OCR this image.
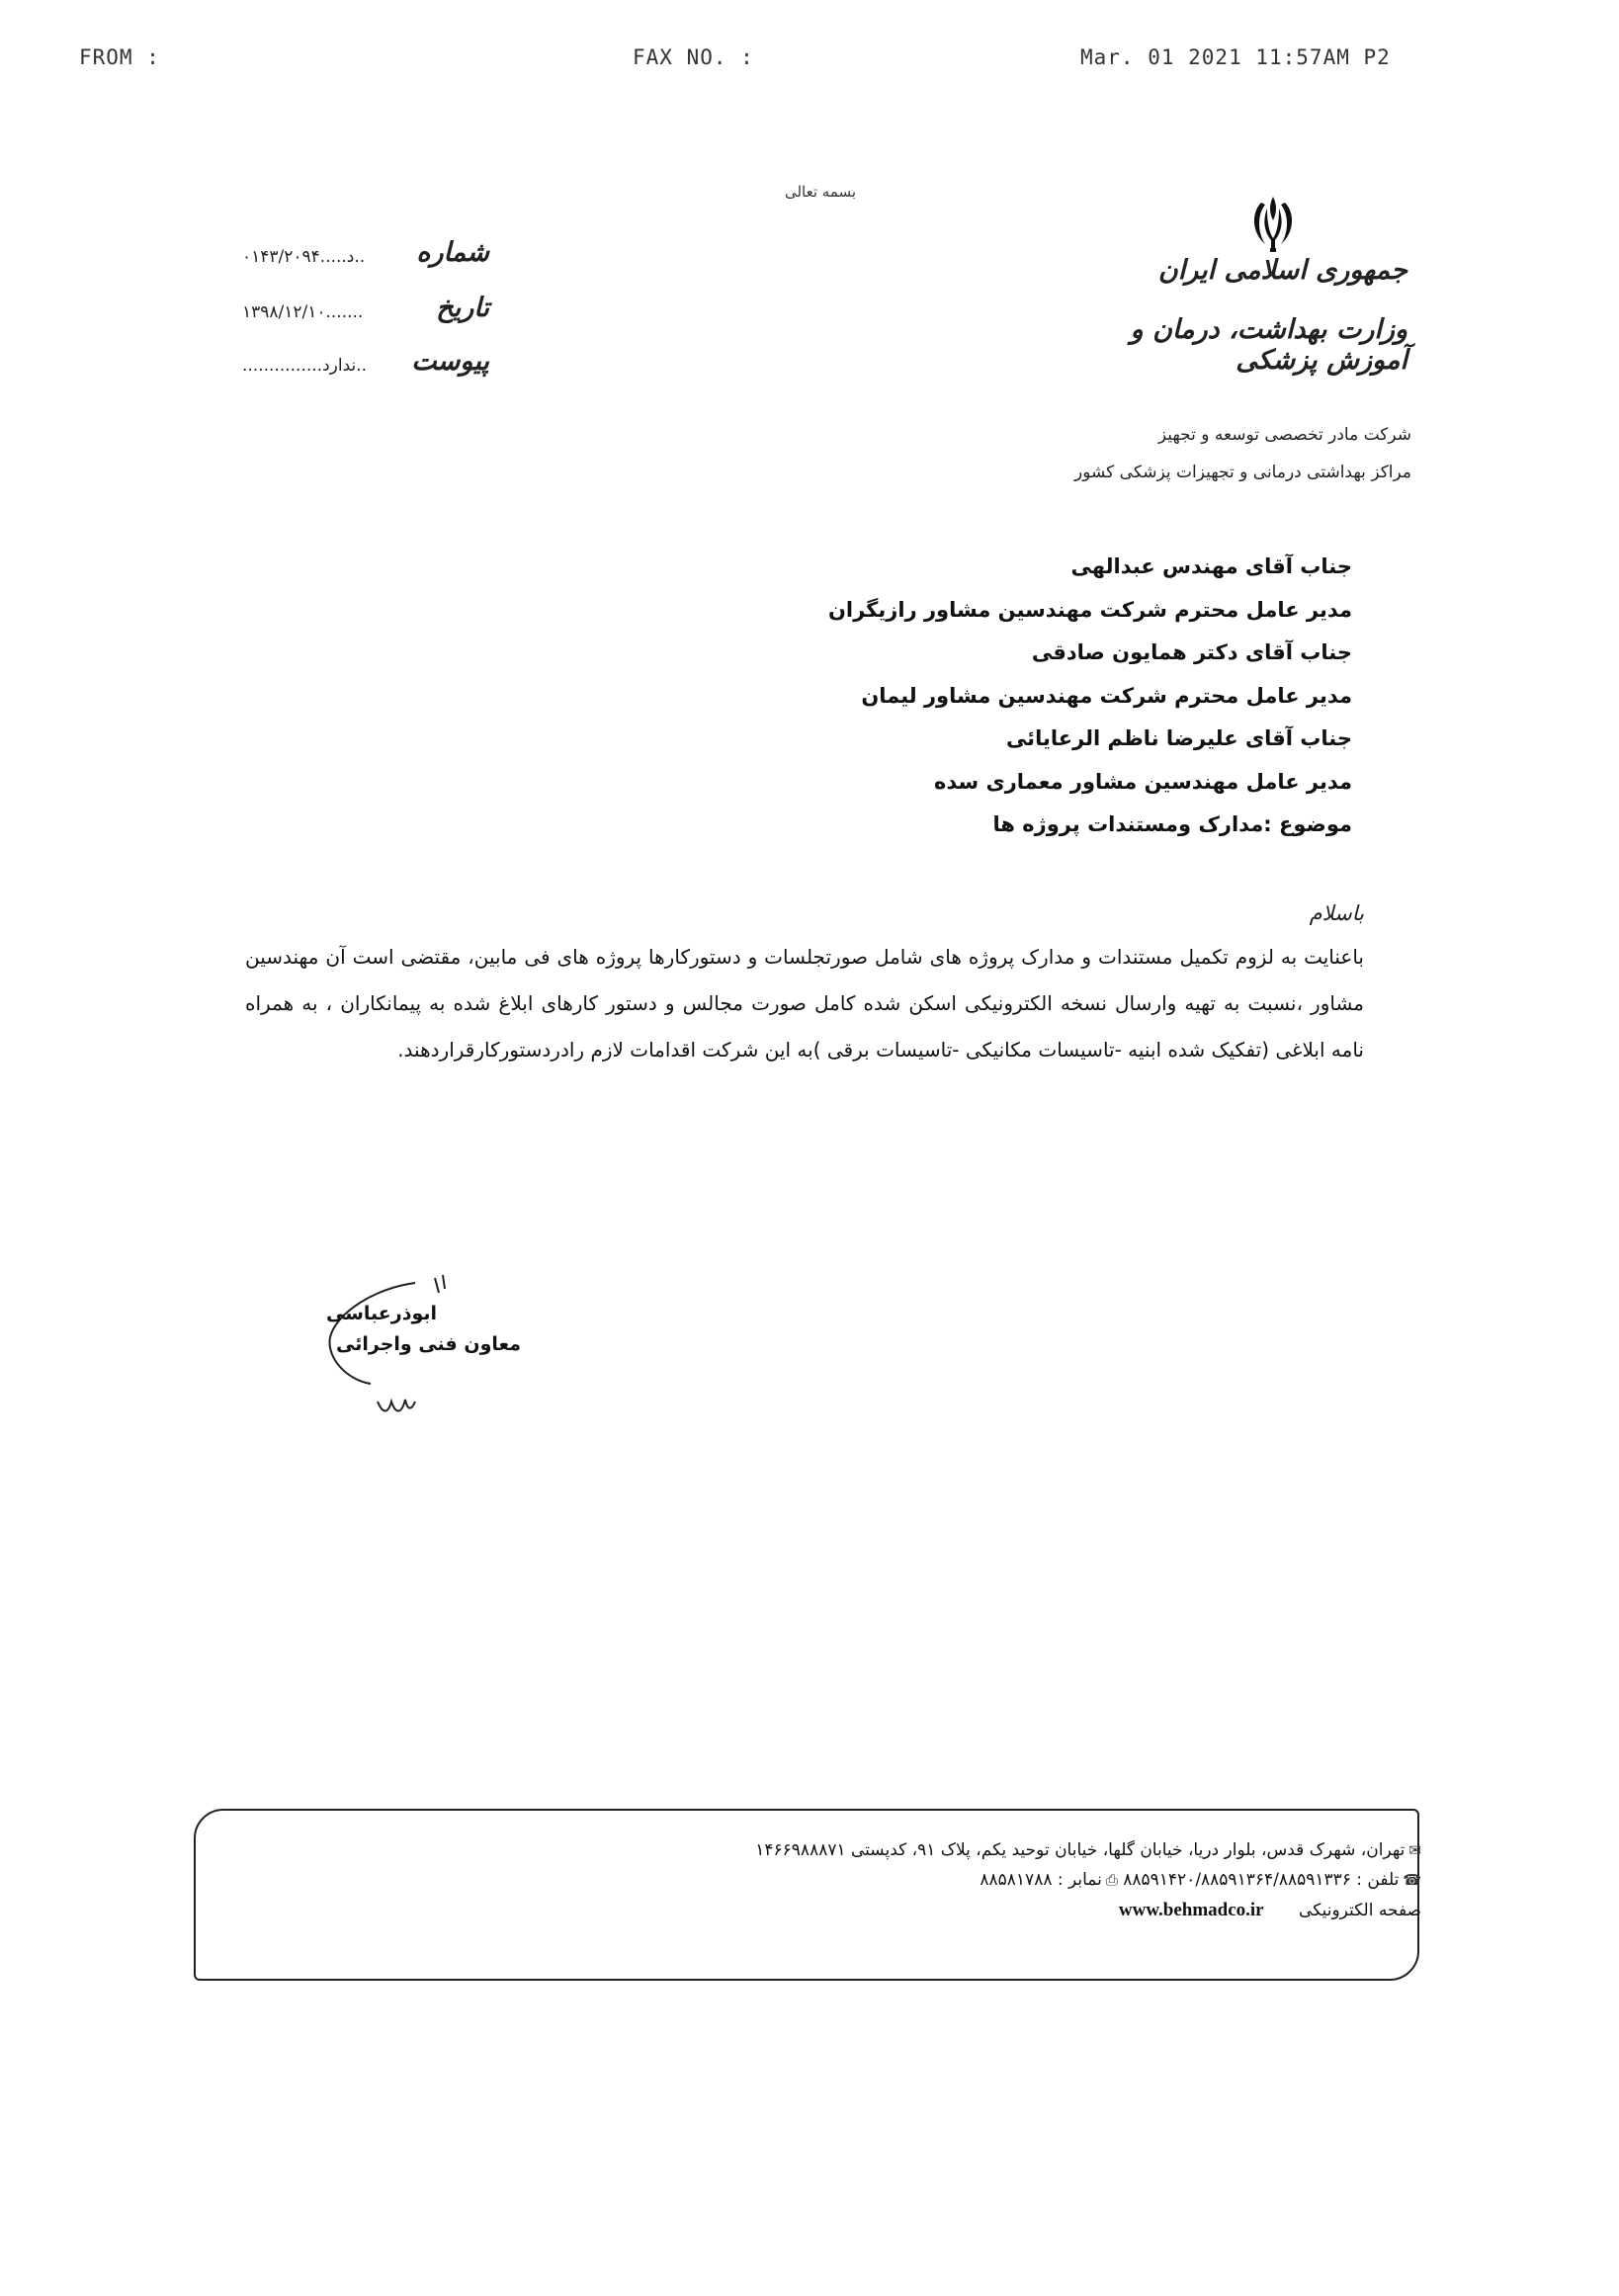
FROM :	FAX NO. :	Mar. 01 2021 11:57AM P2
بسمه تعالی
جمهوری اسلامی ایران
وزارت بهداشت، درمان و آموزش پزشکی
شرکت مادر تخصصی توسعه و تجهیز
مراکز بهداشتی درمانی و تجهیزات پزشکی کشور
شماره
۰۱۴۳/۲۰۹۴.....د..
تاریخ
۱۳۹۸/۱۲/۱۰.......
پیوست
...............ندارد..
جناب آقای مهندس عبدالهی
مدیر عامل محترم شرکت مهندسین مشاور رازیگران
جناب آقای دکتر همایون صادقی
مدیر عامل محترم شرکت مهندسین مشاور لیمان
جناب آقای علیرضا ناظم الرعایائی
مدیر عامل مهندسین مشاور معماری سده
موضوع :مدارک ومستندات پروژه ها
باسلام
باعنایت به لزوم تکمیل مستندات و مدارک پروژه های شامل صورتجلسات و دستورکارها پروژه های فی مابین، مقتضی است آن مهندسین مشاور ،نسبت به تهیه وارسال نسخه الکترونیکی اسکن شده کامل صورت مجالس و دستور کارهای ابلاغ شده به پیمانکاران ، به همراه نامه ابلاغی (تفکیک شده ابنیه -تاسیسات مکانیکی -تاسیسات برقی )به این شرکت اقدامات لازم رادردستورکارقراردهند.
ابوذرعباسی
معاون فنی واجرائی
✉تهران، شهرک قدس، بلوار دریا، خیابان گلها، خیابان توحید یکم، پلاک ۹۱، کدپستی ۱۴۶۶۹۸۸۸۷۱
☎تلفن : ۸۸۵۹۱۴۲۰/۸۸۵۹۱۳۶۴/۸۸۵۹۱۳۳۶ ⎙نمابر : ۸۸۵۸۱۷۸۸
صفحه الکترونیکی www.behmadco.ir
